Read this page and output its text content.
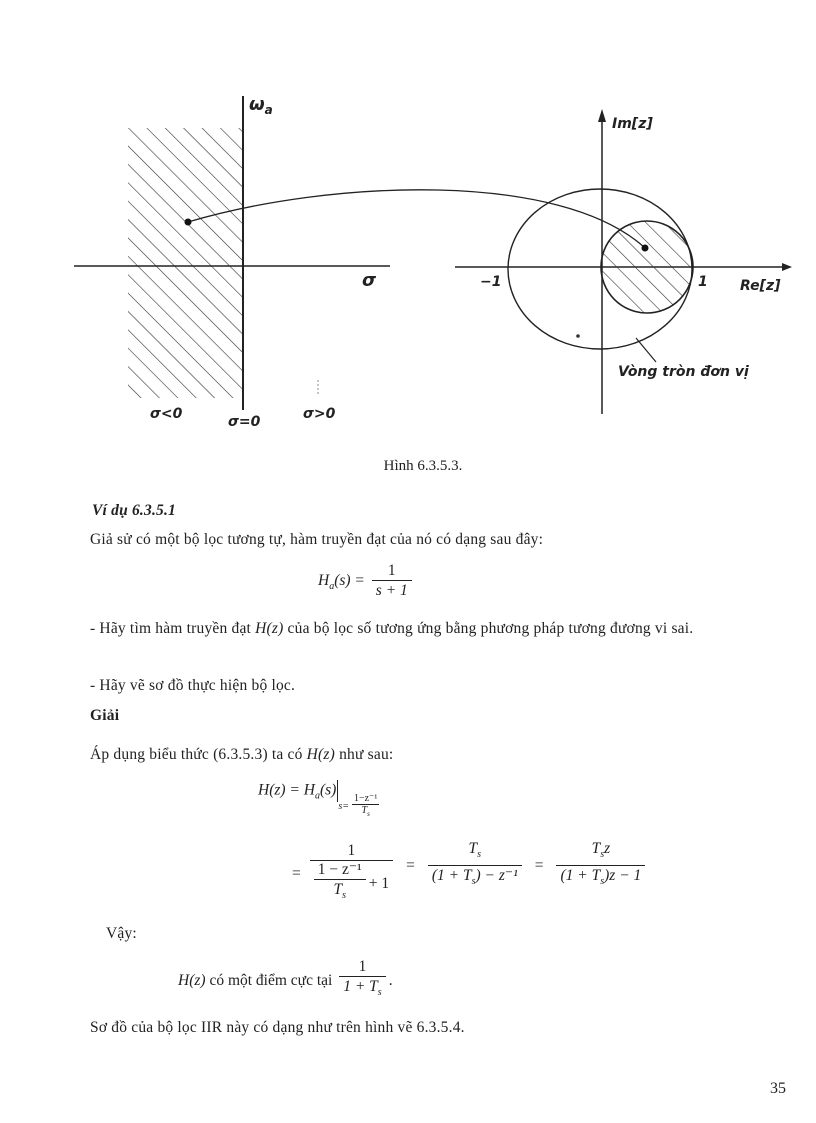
$\omega_a$
σ
σ<0	σ=0	σ>0
Im[z]
Re[z]
−1	1
Vòng tròn đơn vị
Hình 6.3.5.3.
Ví dụ 6.3.5.1
Giả sử có một bộ lọc tương tự, hàm truyền đạt của nó có dạng sau đây:
$H_a(s) = \frac{1}{s + 1}$
- Hãy tìm hàm truyền đạt H(z) của bộ lọc số tương ứng bằng phương pháp tương đương vi sai.
- Hãy vẽ sơ đồ thực hiện bộ lọc.
Giải
Áp dụng biểu thức (6.3.5.3) ta có H(z) như sau:
$H(z) = H_a(s)s= \frac{\text{1−z⁻¹}}{T_s}$
= $\frac{1}{\frac{\text{1 − z⁻¹}}{T_s} + 1} = \frac{T_s}{(1 + T_s) - z^{-1}} = \frac{T_sz}{(1 + T_s)z - 1}$
Vậy:
H(z) có một điểm cực tại $\frac{1}{1 + T_s}$ .
Sơ đồ của bộ lọc IIR này có dạng như trên hình vẽ 6.3.5.4.
35
